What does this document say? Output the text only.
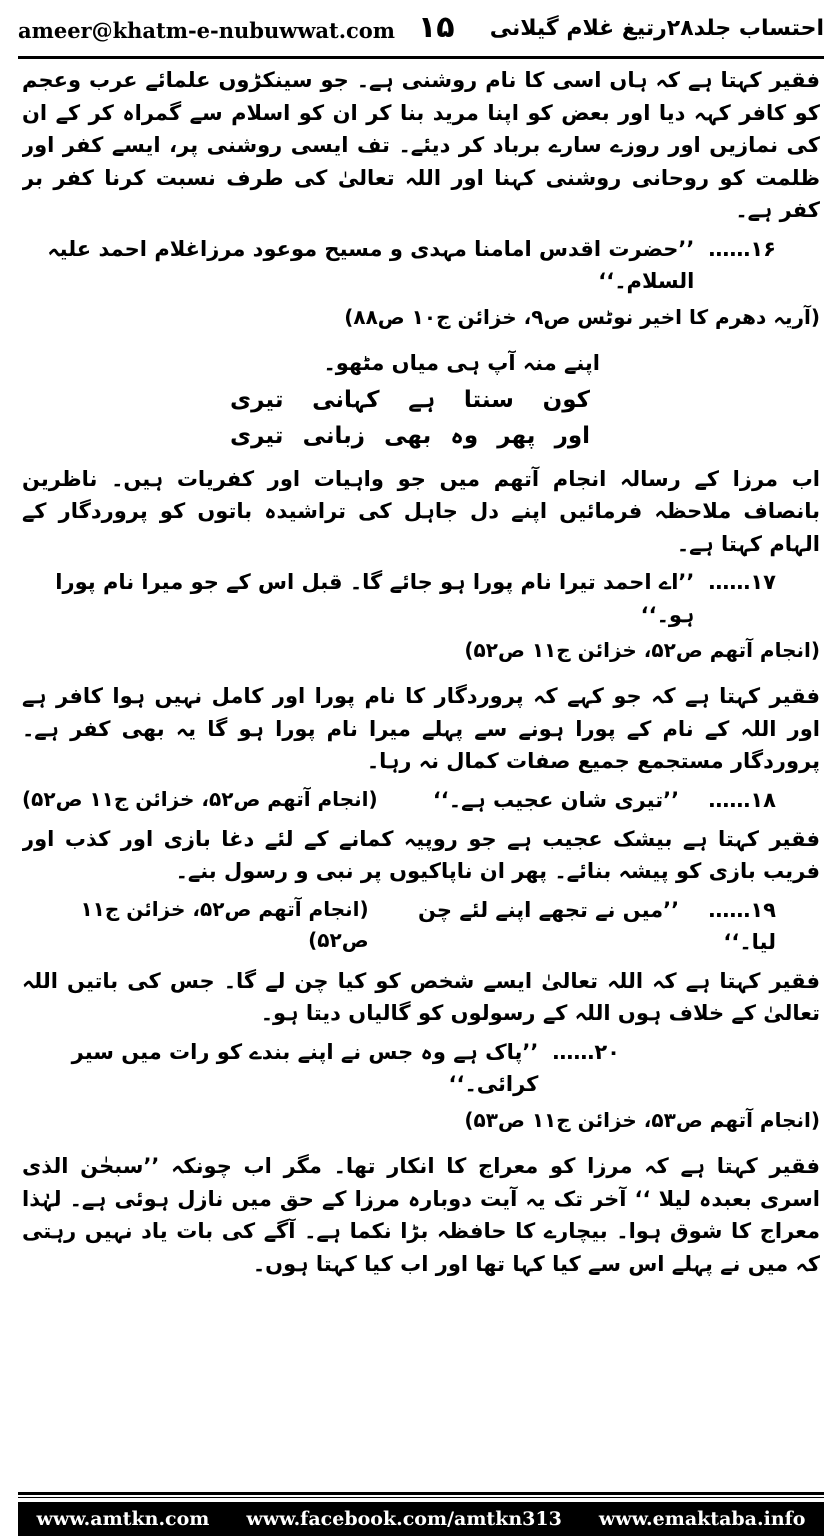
ameer@khatm-e-nubuwwat.com ۱۵ احتساب جلد۲۸رتیغ غلام گیلانی

فقیر کہتا ہے کہ ہاں اسی کا نام روشنی ہے۔ جو سینکڑوں علمائے عرب وعجم کو کافر کہہ دیا اور بعض کو اپنا مرید بنا کر ان کو اسلام سے گمراہ کر کے ان کی نمازیں اور روزے سارے برباد کر دیئے۔ تف ایسی روشنی پر، ایسے کفر اور ظلمت کو روحانی روشنی کہنا اور اللہ تعالیٰ کی طرف نسبت کرنا کفر بر کفر ہے۔

۱۶……
’’حضرت اقدس امامنا مہدی و مسیح موعود مرزاغلام احمد علیہ السلام۔‘‘
(آریہ دھرم کا اخیر نوٹس ص۹، خزائن ج۱۰ ص۸۸)
اپنے منہ آپ ہی میاں مٹھو۔
کون
سنتا
ہے
کہانی
تیری
اور
پھر
وہ
بھی
زبانی
تیری

اب مرزا کے رسالہ انجام آتھم میں جو واہیات اور کفریات ہیں۔ ناظرین بانصاف ملاحظہ فرمائیں اپنے دل جاہل کی تراشیدہ باتوں کو پروردگار کے الہام کہتا ہے۔

۱۷……
’’اے احمد تیرا نام پورا ہو جائے گا۔ قبل اس کے جو میرا نام پورا ہو۔‘‘
(انجام آتھم ص۵۲، خزائن ج۱۱ ص۵۲)

فقیر کہتا ہے کہ جو کہے کہ پروردگار کا نام پورا اور کامل نہیں ہوا کافر ہے اور اللہ کے نام کے پورا ہونے سے پہلے میرا نام پورا ہو گا یہ بھی کفر ہے۔ پروردگار مستجمع جمیع صفات کمال نہ رہا۔

۱۸……    ’’تیری شان عجیب ہے۔‘‘
(انجام آتھم ص۵۲، خزائن ج۱۱ ص۵۲)

فقیر کہتا ہے بیشک عجیب ہے جو روپیہ کمانے کے لئے دغا بازی اور کذب اور فریب بازی کو پیشہ بنائے۔ پھر ان ناپاکیوں پر نبی و رسول بنے۔

۱۹……    ’’میں نے تجھے اپنے لئے چن لیا۔‘‘
(انجام آتھم ص۵۲، خزائن ج۱۱ ص۵۲)

فقیر کہتا ہے کہ اللہ تعالیٰ ایسے شخص کو کیا چن لے گا۔ جس کی باتیں اللہ تعالیٰ کے خلاف ہوں اللہ کے رسولوں کو گالیاں دیتا ہو۔

۲۰……
’’پاک ہے وہ جس نے اپنے بندے کو رات میں سیر کرائی۔‘‘
(انجام آتھم ص۵۳، خزائن ج۱۱ ص۵۳)

فقیر کہتا ہے کہ مرزا کو معراج کا انکار تھا۔ مگر اب چونکہ ’’سبحٰن الذی اسری بعبدہ لیلا ‘‘ آخر تک یہ آیت دوبارہ مرزا کے حق میں نازل ہوئی ہے۔ لہٰذا معراج کا شوق ہوا۔ بیچارے کا حافظہ بڑا نکما ہے۔ آگے کی بات یاد نہیں رہتی کہ میں نے پہلے اس سے کیا کہا تھا اور اب کیا کہتا ہوں۔

www.amtkn.com www.facebook.com/amtkn313 www.emaktaba.info
